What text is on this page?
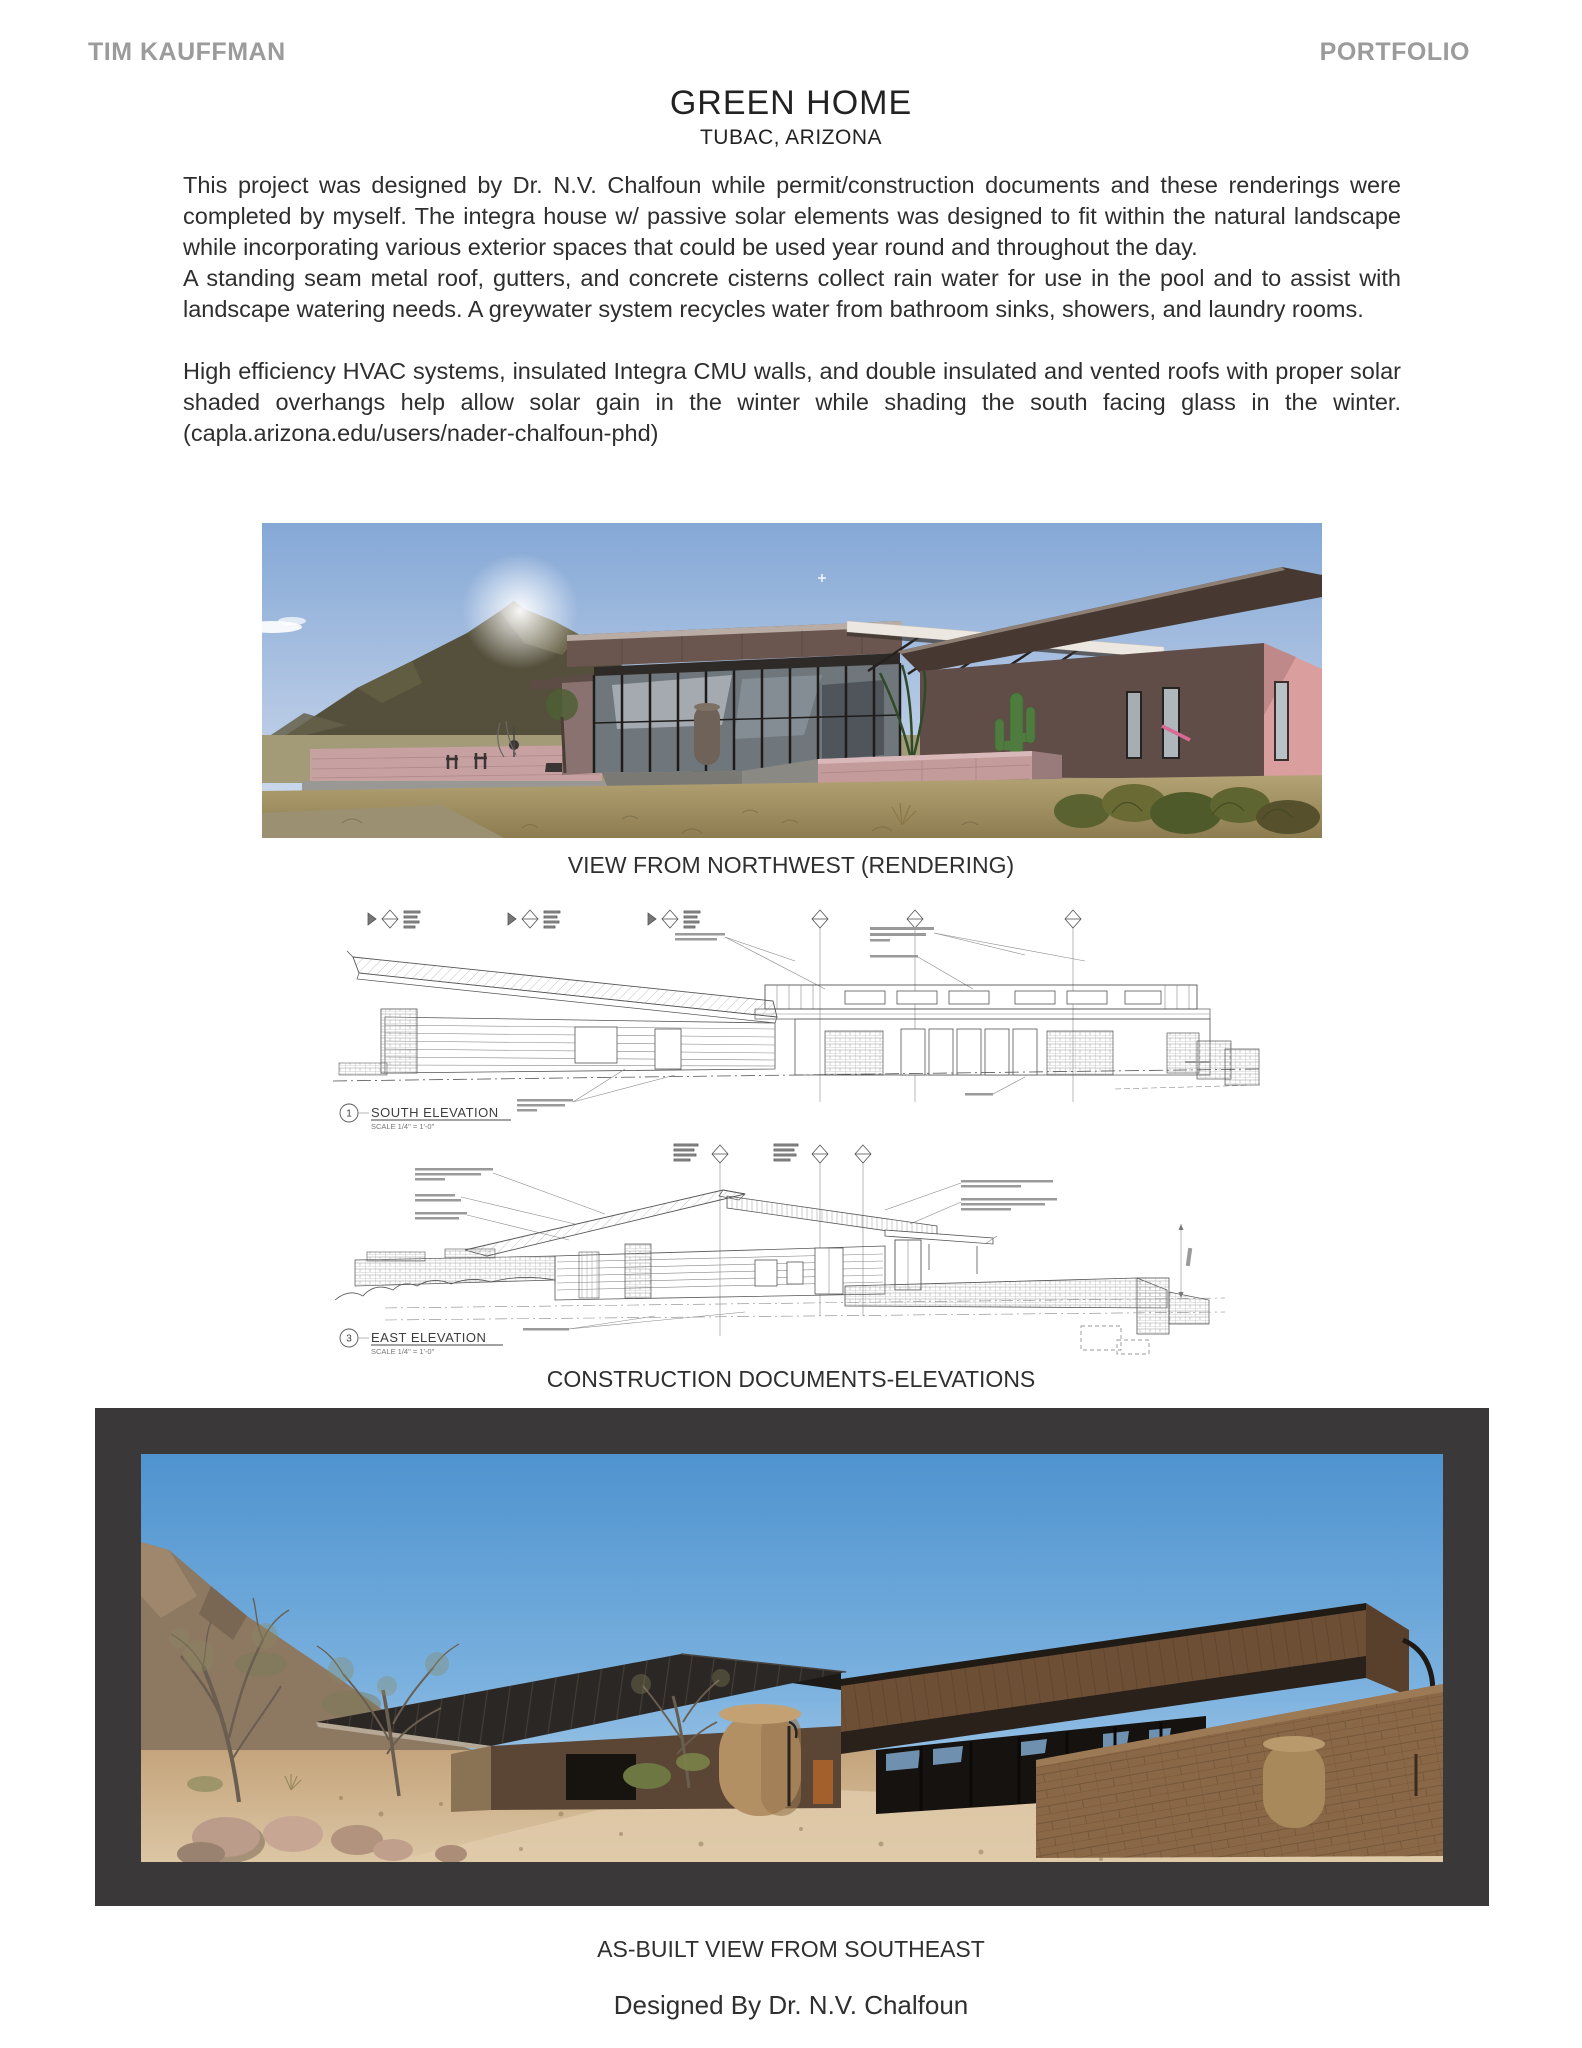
TIM KAUFFMAN	PORTFOLIO
GREEN HOME
TUBAC, ARIZONA

This project was designed by Dr. N.V. Chalfoun while permit/construction documents and these renderings were completed by myself. The integra house w/ passive solar elements was designed to fit within the natural landscape while incorporating various exterior spaces that could be used year round and throughout the day.

A standing seam metal roof, gutters, and concrete cisterns collect rain water for use in the pool and to assist with landscape watering needs. A greywater system recycles water from bathroom sinks, showers, and laundry rooms.

High efficiency HVAC systems, insulated Integra CMU walls, and double insulated and vented roofs with proper solar shaded overhangs help allow solar gain in the winter while shading the south facing glass in the winter. (capla.arizona.edu/users/nader-chalfoun-phd)

VIEW FROM NORTHWEST (RENDERING)
1 SOUTH ELEVATION
SCALE 1/4" = 1'-0"
3 EAST ELEVATION
SCALE 1/4" = 1'-0"
CONSTRUCTION DOCUMENTS-ELEVATIONS
AS-BUILT VIEW FROM SOUTHEAST
Designed By Dr. N.V. Chalfoun
